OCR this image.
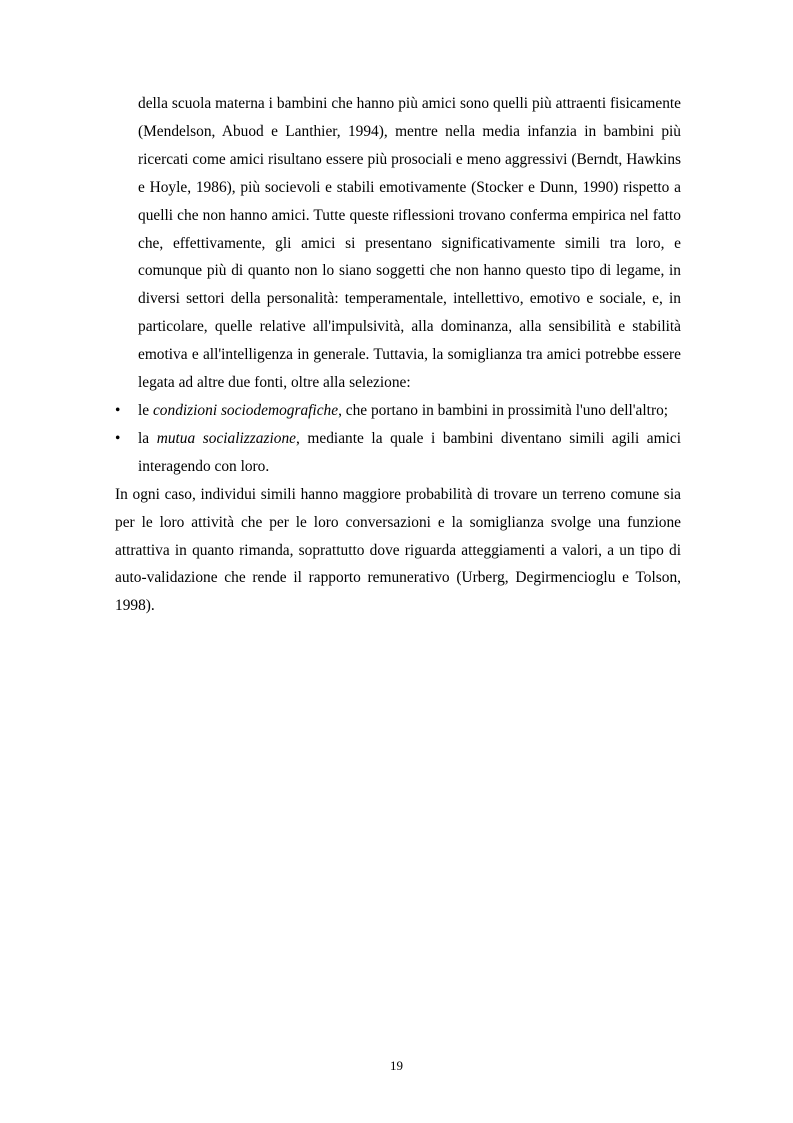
della scuola materna i bambini che hanno più amici sono quelli più attraenti fisicamente (Mendelson, Abuod e Lanthier, 1994), mentre nella media infanzia in bambini più ricercati come amici risultano essere più prosociali e meno aggressivi (Berndt, Hawkins e Hoyle, 1986), più socievoli e stabili emotivamente (Stocker e Dunn, 1990) rispetto a quelli che non hanno amici. Tutte queste riflessioni trovano conferma empirica nel fatto che, effettivamente, gli amici si presentano significativamente simili tra loro, e comunque più di quanto non lo siano soggetti che non hanno questo tipo di legame, in diversi settori della personalità: temperamentale, intellettivo, emotivo e sociale, e, in particolare, quelle relative all'impulsività, alla dominanza, alla sensibilità e stabilità emotiva e all'intelligenza in generale. Tuttavia, la somiglianza tra amici potrebbe essere legata ad altre due fonti, oltre alla selezione:

• le condizioni sociodemografiche, che portano in bambini in prossimità l'uno dell'altro;
• la mutua socializzazione, mediante la quale i bambini diventano simili agili amici interagendo con loro.

In ogni caso, individui simili hanno maggiore probabilità di trovare un terreno comune sia per le loro attività che per le loro conversazioni e la somiglianza svolge una funzione attrattiva in quanto rimanda, soprattutto dove riguarda atteggiamenti a valori, a un tipo di auto-validazione che rende il rapporto remunerativo (Urberg, Degirmencioglu e Tolson, 1998).

19
